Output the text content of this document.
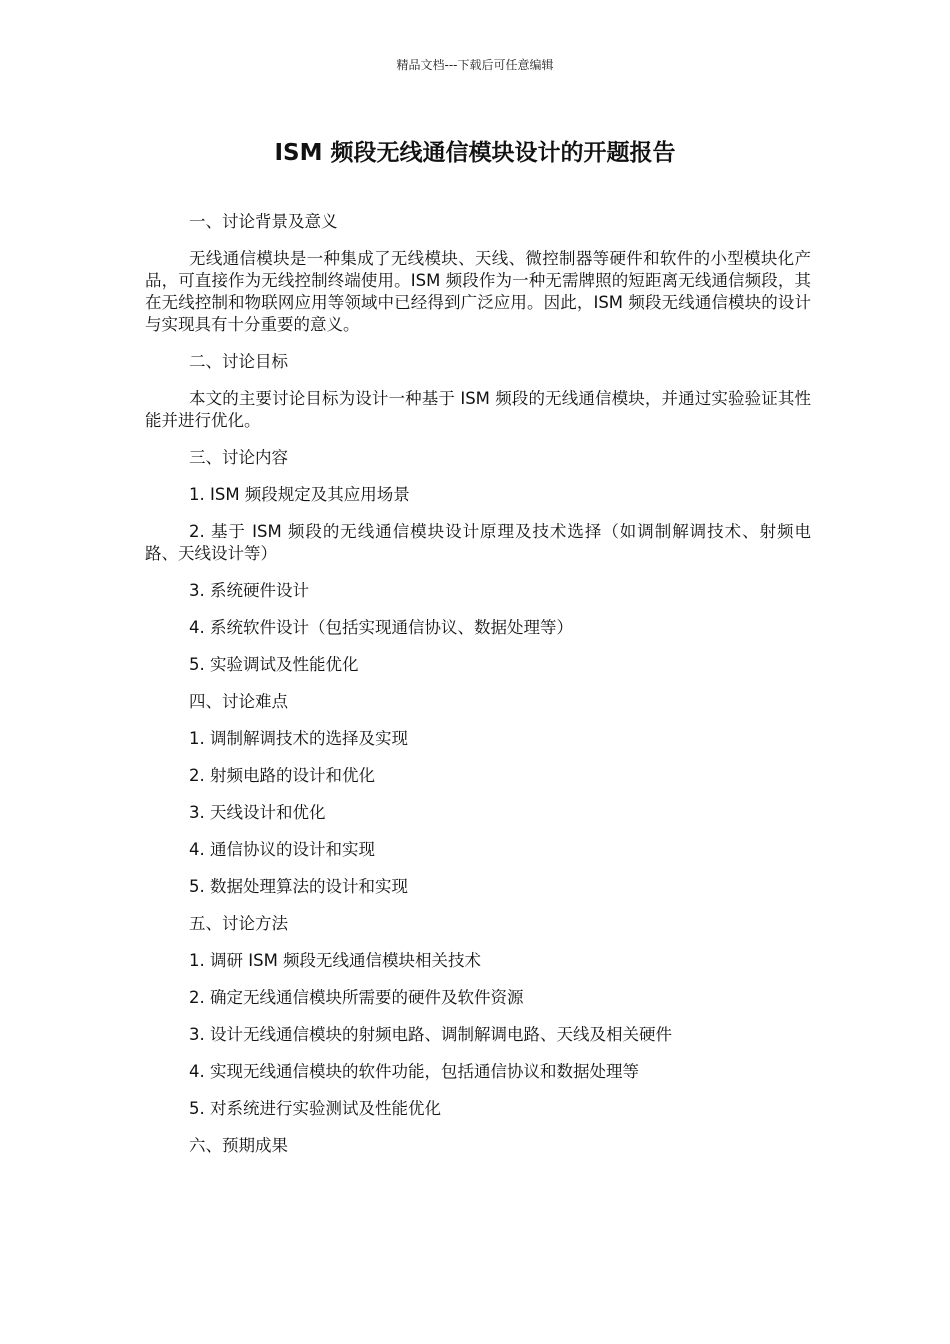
精品文档---下载后可任意编辑
ISM 频段无线通信模块设计的开题报告

一、讨论背景及意义

无线通信模块是一种集成了无线模块、天线、微控制器等硬件和软件的小型模块化产品，可直接作为无线控制终端使用。ISM 频段作为一种无需牌照的短距离无线通信频段，其在无线控制和物联网应用等领域中已经得到广泛应用。因此，ISM 频段无线通信模块的设计与实现具有十分重要的意义。

二、讨论目标

本文的主要讨论目标为设计一种基于 ISM 频段的无线通信模块，并通过实验验证其性能并进行优化。

三、讨论内容

1. ISM 频段规定及其应用场景

2. 基于 ISM 频段的无线通信模块设计原理及技术选择（如调制解调技术、射频电路、天线设计等）

3. 系统硬件设计

4. 系统软件设计（包括实现通信协议、数据处理等）

5. 实验调试及性能优化

四、讨论难点

1. 调制解调技术的选择及实现

2. 射频电路的设计和优化

3. 天线设计和优化

4. 通信协议的设计和实现

5. 数据处理算法的设计和实现

五、讨论方法

1. 调研 ISM 频段无线通信模块相关技术

2. 确定无线通信模块所需要的硬件及软件资源

3. 设计无线通信模块的射频电路、调制解调电路、天线及相关硬件

4. 实现无线通信模块的软件功能，包括通信协议和数据处理等

5. 对系统进行实验测试及性能优化

六、预期成果
